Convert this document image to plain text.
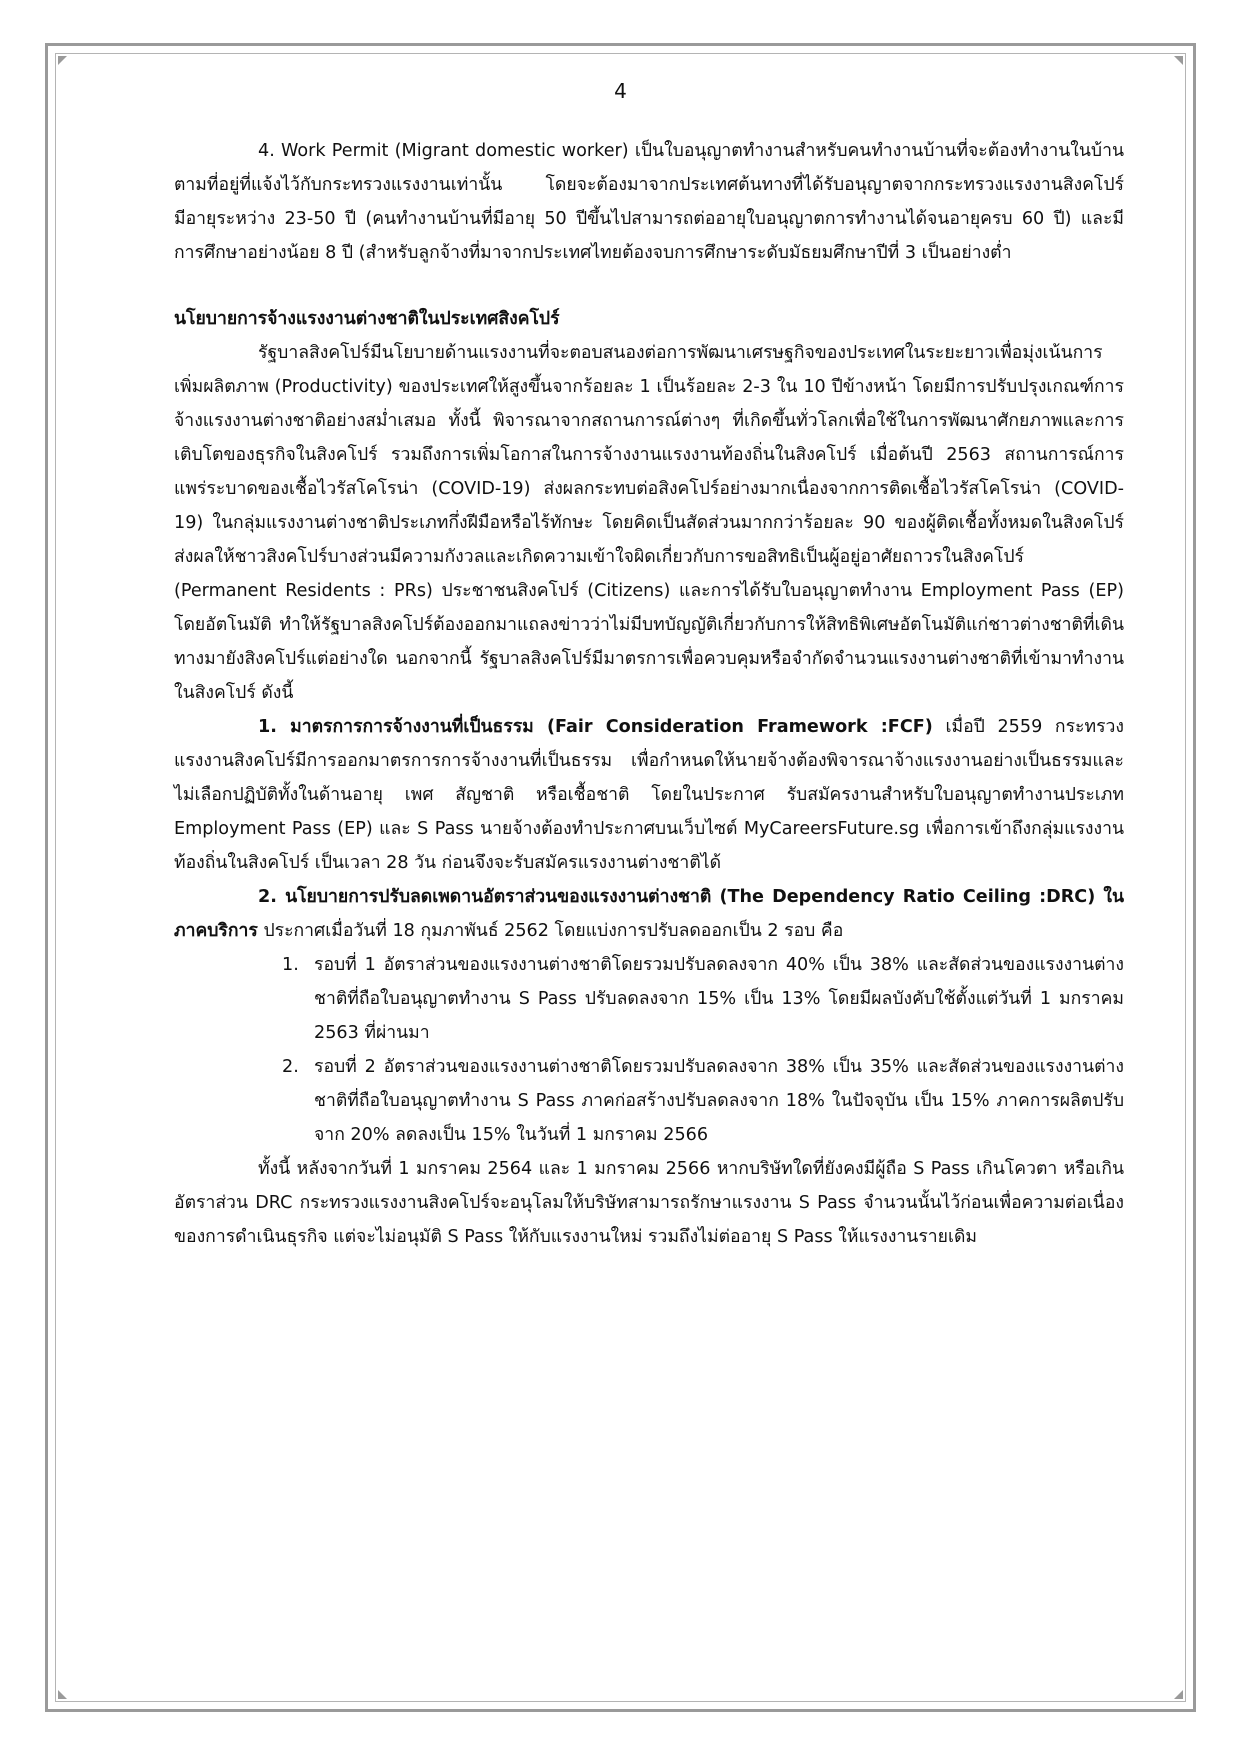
4

4. Work Permit (Migrant domestic worker) เป็นใบอนุญาตทำงานสำหรับคนทำงานบ้านที่จะต้องทำงานในบ้านตามที่อยู่ที่แจ้งไว้กับกระทรวงแรงงานเท่านั้น โดยจะต้องมาจากประเทศต้นทางที่ได้รับอนุญาตจากกระทรวงแรงงานสิงคโปร์ มีอายุระหว่าง 23-50 ปี (คนทำงานบ้านที่มีอายุ 50 ปีขึ้นไปสามารถต่ออายุใบอนุญาตการทำงานได้จนอายุครบ 60 ปี) และมีการศึกษาอย่างน้อย 8 ปี (สำหรับลูกจ้างที่มาจากประเทศไทยต้องจบการศึกษาระดับมัธยมศึกษาปีที่ 3 เป็นอย่างต่ำ

นโยบายการจ้างแรงงานต่างชาติในประเทศสิงคโปร์

รัฐบาลสิงคโปร์มีนโยบายด้านแรงงานที่จะตอบสนองต่อการพัฒนาเศรษฐกิจของประเทศในระยะยาวเพื่อมุ่งเน้นการเพิ่มผลิตภาพ (Productivity) ของประเทศให้สูงขึ้นจากร้อยละ 1 เป็นร้อยละ 2-3 ใน 10 ปีข้างหน้า โดยมีการปรับปรุงเกณฑ์การจ้างแรงงานต่างชาติอย่างสม่ำเสมอ ทั้งนี้ พิจารณาจากสถานการณ์ต่างๆ ที่เกิดขึ้นทั่วโลกเพื่อใช้ในการพัฒนาศักยภาพและการเติบโตของธุรกิจในสิงคโปร์ รวมถึงการเพิ่มโอกาสในการจ้างงานแรงงานท้องถิ่นในสิงคโปร์ เมื่อต้นปี 2563 สถานการณ์การแพร่ระบาดของเชื้อไวรัสโคโรน่า (COVID-19) ส่งผลกระทบต่อสิงคโปร์อย่างมากเนื่องจากการติดเชื้อไวรัสโคโรน่า (COVID-19) ในกลุ่มแรงงานต่างชาติประเภทกึ่งฝีมือหรือไร้ทักษะ โดยคิดเป็นสัดส่วนมากกว่าร้อยละ 90 ของผู้ติดเชื้อทั้งหมดในสิงคโปร์ ส่งผลให้ชาวสิงคโปร์บางส่วนมีความกังวลและเกิดความเข้าใจผิดเกี่ยวกับการขอสิทธิเป็นผู้อยู่อาศัยถาวรในสิงคโปร์ (Permanent Residents : PRs) ประชาชนสิงคโปร์ (Citizens) และการได้รับใบอนุญาตทำงาน Employment Pass (EP) โดยอัตโนมัติ ทำให้รัฐบาลสิงคโปร์ต้องออกมาแถลงข่าวว่าไม่มีบทบัญญัติเกี่ยวกับการให้สิทธิพิเศษอัตโนมัติแก่ชาวต่างชาติที่เดินทางมายังสิงคโปร์แต่อย่างใด นอกจากนี้ รัฐบาลสิงคโปร์มีมาตรการเพื่อควบคุมหรือจำกัดจำนวนแรงงานต่างชาติที่เข้ามาทำงานในสิงคโปร์ ดังนี้

1. มาตรการการจ้างงานที่เป็นธรรม (Fair Consideration Framework :FCF) เมื่อปี 2559 กระทรวงแรงงานสิงคโปร์มีการออกมาตรการการจ้างงานที่เป็นธรรม เพื่อกำหนดให้นายจ้างต้องพิจารณาจ้างแรงงานอย่างเป็นธรรมและไม่เลือกปฏิบัติทั้งในด้านอายุ เพศ สัญชาติ หรือเชื้อชาติ โดยในประกาศ รับสมัครงานสำหรับใบอนุญาตทำงานประเภท Employment Pass (EP) และ S Pass นายจ้างต้องทำประกาศบนเว็บไซต์ MyCareersFuture.sg เพื่อการเข้าถึงกลุ่มแรงงานท้องถิ่นในสิงคโปร์ เป็นเวลา 28 วัน ก่อนจึงจะรับสมัครแรงงานต่างชาติได้

2. นโยบายการปรับลดเพดานอัตราส่วนของแรงงานต่างชาติ (The Dependency Ratio Ceiling :DRC) ในภาคบริการ ประกาศเมื่อวันที่ 18 กุมภาพันธ์ 2562 โดยแบ่งการปรับลดออกเป็น 2 รอบ คือ

1. รอบที่ 1 อัตราส่วนของแรงงานต่างชาติโดยรวมปรับลดลงจาก 40% เป็น 38% และสัดส่วนของแรงงานต่างชาติที่ถือใบอนุญาตทำงาน S Pass ปรับลดลงจาก 15% เป็น 13% โดยมีผลบังคับใช้ตั้งแต่วันที่ 1 มกราคม 2563 ที่ผ่านมา
2. รอบที่ 2 อัตราส่วนของแรงงานต่างชาติโดยรวมปรับลดลงจาก 38% เป็น 35% และสัดส่วนของแรงงานต่างชาติที่ถือใบอนุญาตทำงาน S Pass ภาคก่อสร้างปรับลดลงจาก 18% ในปัจจุบัน เป็น 15% ภาคการผลิตปรับจาก 20% ลดลงเป็น 15% ในวันที่ 1 มกราคม 2566

ทั้งนี้ หลังจากวันที่ 1 มกราคม 2564 และ 1 มกราคม 2566 หากบริษัทใดที่ยังคงมีผู้ถือ S Pass เกินโควตา หรือเกินอัตราส่วน DRC กระทรวงแรงงานสิงคโปร์จะอนุโลมให้บริษัทสามารถรักษาแรงงาน S Pass จำนวนนั้นไว้ก่อนเพื่อความต่อเนื่องของการดำเนินธุรกิจ แต่จะไม่อนุมัติ S Pass ให้กับแรงงานใหม่ รวมถึงไม่ต่ออายุ S Pass ให้แรงงานรายเดิม
